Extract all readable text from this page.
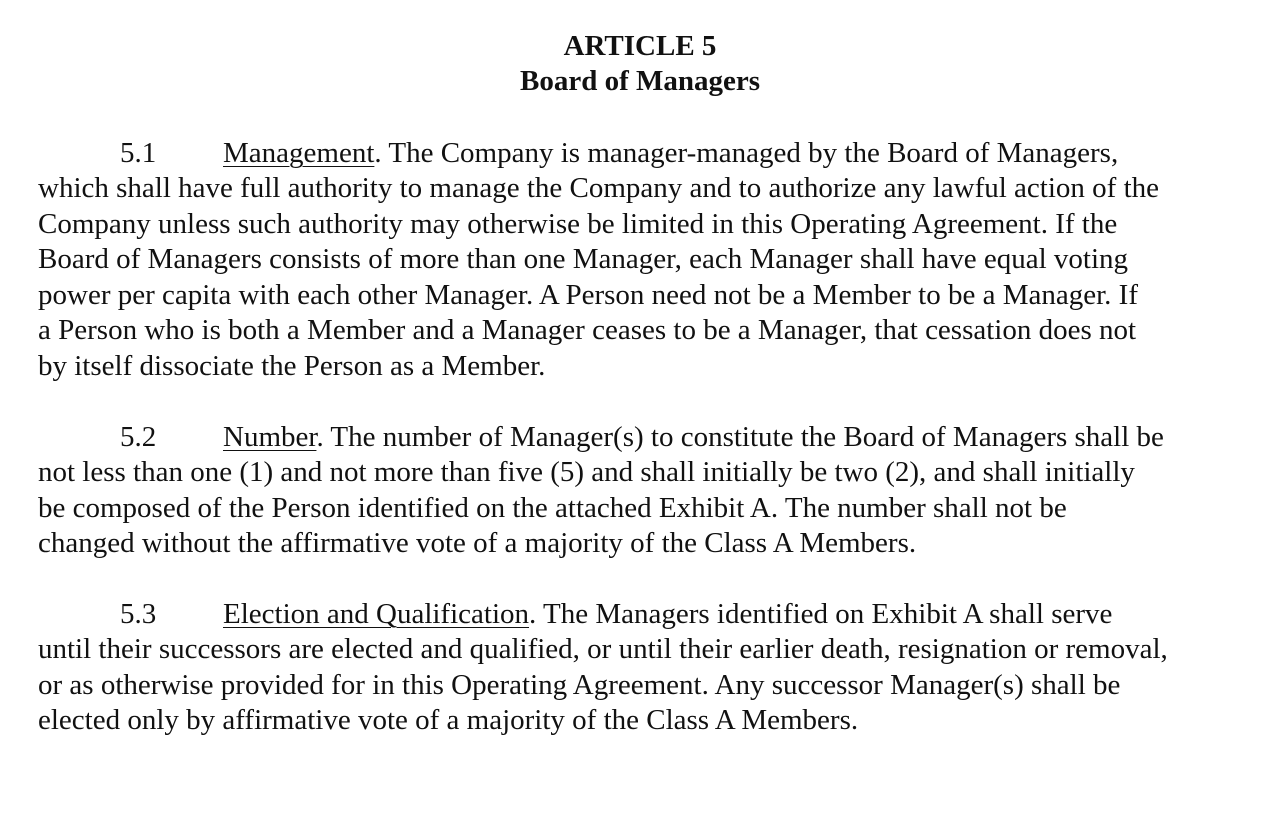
ARTICLE 5
Board of Managers
5.1 Management. The Company is manager-managed by the Board of Managers,
which shall have full authority to manage the Company and to authorize any lawful action of the
Company unless such authority may otherwise be limited in this Operating Agreement. If the
Board of Managers consists of more than one Manager, each Manager shall have equal voting
power per capita with each other Manager. A Person need not be a Member to be a Manager. If
a Person who is both a Member and a Manager ceases to be a Manager, that cessation does not
by itself dissociate the Person as a Member.
5.2 Number. The number of Manager(s) to constitute the Board of Managers shall be
not less than one (1) and not more than five (5) and shall initially be two (2), and shall initially
be composed of the Person identified on the attached Exhibit A. The number shall not be
changed without the affirmative vote of a majority of the Class A Members.
5.3 Election and Qualification. The Managers identified on Exhibit A shall serve
until their successors are elected and qualified, or until their earlier death, resignation or removal,
or as otherwise provided for in this Operating Agreement. Any successor Manager(s) shall be
elected only by affirmative vote of a majority of the Class A Members.
